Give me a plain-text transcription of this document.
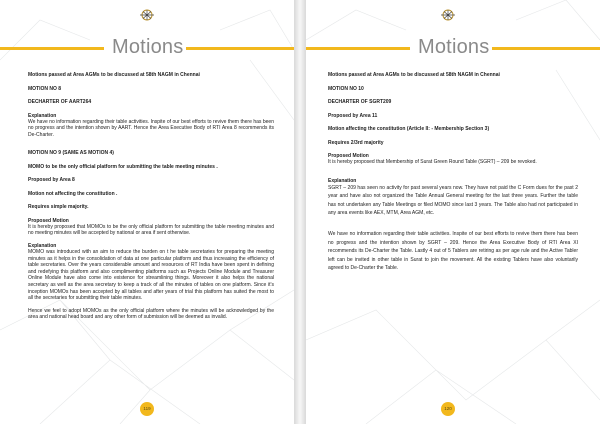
Motions
Motions passed at Area AGMs to be discussed at 58th NAGM in Chennai
MOTION NO 8
DECHARTER OF AART264
Explanation
We have no information regarding their table activities. Inspite of our best efforts to revive them there has been no progress and the intention shown by AART. Hence the Area Executive Body of RTI Area 8 recommends its De-Charter.
MOTION NO 9 (SAME AS MOTION 4)
MOMO to be the only official platform for submitting the table meeting minutes .
Proposed by Area 8
Motion not affecting the constitution .
Requires simple majority.
Proposed Motion
It is hereby proposed that MOMOs to be the only official platform for submitting the table meeting minutes and no meeting minutes will be accepted by national or area if sent otherwise.
Explanation
MOMO was introduced with an aim to reduce the burden on t he table secretaries for preparing the meeting minutes as it helps in the consolidation of data at one particular platform and thus increasing the efficiency of table secretaries. Over the years considerable amount and resources of RT India have been spent in defining and redefying this platform and also complimenting platforms such as Projects Online Module and Treasurer Online Module have also come into existence for streamlining things. Moreover it also helps the national secretary as well as the area secretary to keep a track of all the minutes of tables on one platform. Since it's inception MOMOs has been accepted by all tables and after years of trial this platform has suited the most to all the secretaries for submitting their table minutes.
Hence we feel to adopt MOMOs as the only official platform where the minutes will be acknowledged by the area and national head board and any other form of submission will be deemed as invalid.
119
Motions
Motions passed at Area AGMs to be discussed at 58th NAGM in Chennai
MOTION NO 10
DECHARTER OF SGRT209
Proposed by Area 11
Motion affecting the constitution (Article II: - Membership Section 3)
Requires 2/3rd majority
Proposed Motion
It is hereby proposed that Membership of Surat Green Round Table (SGRT) – 209 be revoked.
Explanation
SGRT – 209 has seen no activity for past several years now. They have not paid the C Form dues for the past 2 year and have also not organized the Table Annual General meeting for the last three years. Further the table has not undertaken any Table Meetings or filed MOMO since last 3 years. The Table also had not participated in any area events like AEX, MTM, Area AGM, etc.
We have no information regarding their table activities. Inspite of our best efforts to revive them there has been no progress and the intention shown by SGRT – 209. Hence the Area Executive Body of RTI Area XI recommends its De-Charter the Table. Lastly 4 out of 5 Tablers are retiring as per age rule and the Active Tabler left can be invited in other table in Surat to join the movement. All the existing Tablers have also voluntarily agreed to De-Charter the Table.
120
